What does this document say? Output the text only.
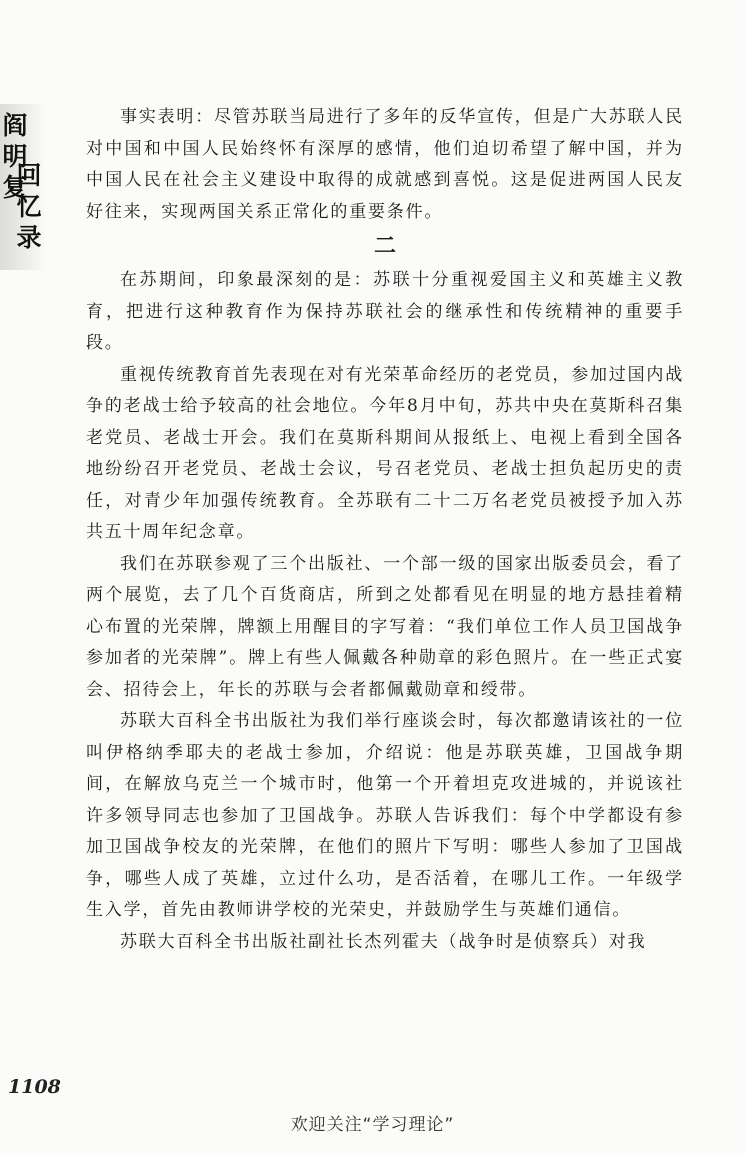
阎
明
复
回
忆
录

事实表明：尽管苏联当局进行了多年的反华宣传，但是广大苏联人民对中国和中国人民始终怀有深厚的感情，他们迫切希望了解中国，并为中国人民在社会主义建设中取得的成就感到喜悦。这是促进两国人民友好往来，实现两国关系正常化的重要条件。

二

在苏期间，印象最深刻的是：苏联十分重视爱国主义和英雄主义教育，把进行这种教育作为保持苏联社会的继承性和传统精神的重要手段。

重视传统教育首先表现在对有光荣革命经历的老党员，参加过国内战争的老战士给予较高的社会地位。今年8月中旬，苏共中央在莫斯科召集老党员、老战士开会。我们在莫斯科期间从报纸上、电视上看到全国各地纷纷召开老党员、老战士会议，号召老党员、老战士担负起历史的责任，对青少年加强传统教育。全苏联有二十二万名老党员被授予加入苏共五十周年纪念章。

我们在苏联参观了三个出版社、一个部一级的国家出版委员会，看了两个展览，去了几个百货商店，所到之处都看见在明显的地方悬挂着精心布置的光荣牌，牌额上用醒目的字写着：“我们单位工作人员卫国战争参加者的光荣牌”。牌上有些人佩戴各种勋章的彩色照片。在一些正式宴会、招待会上，年长的苏联与会者都佩戴勋章和绶带。

苏联大百科全书出版社为我们举行座谈会时，每次都邀请该社的一位叫伊格纳季耶夫的老战士参加，介绍说：他是苏联英雄，卫国战争期间，在解放乌克兰一个城市时，他第一个开着坦克攻进城的，并说该社许多领导同志也参加了卫国战争。苏联人告诉我们：每个中学都设有参加卫国战争校友的光荣牌，在他们的照片下写明：哪些人参加了卫国战争，哪些人成了英雄，立过什么功，是否活着，在哪儿工作。一年级学生入学，首先由教师讲学校的光荣史，并鼓励学生与英雄们通信。

苏联大百科全书出版社副社长杰列霍夫（战争时是侦察兵）对我

1108
欢迎关注“学习理论”
